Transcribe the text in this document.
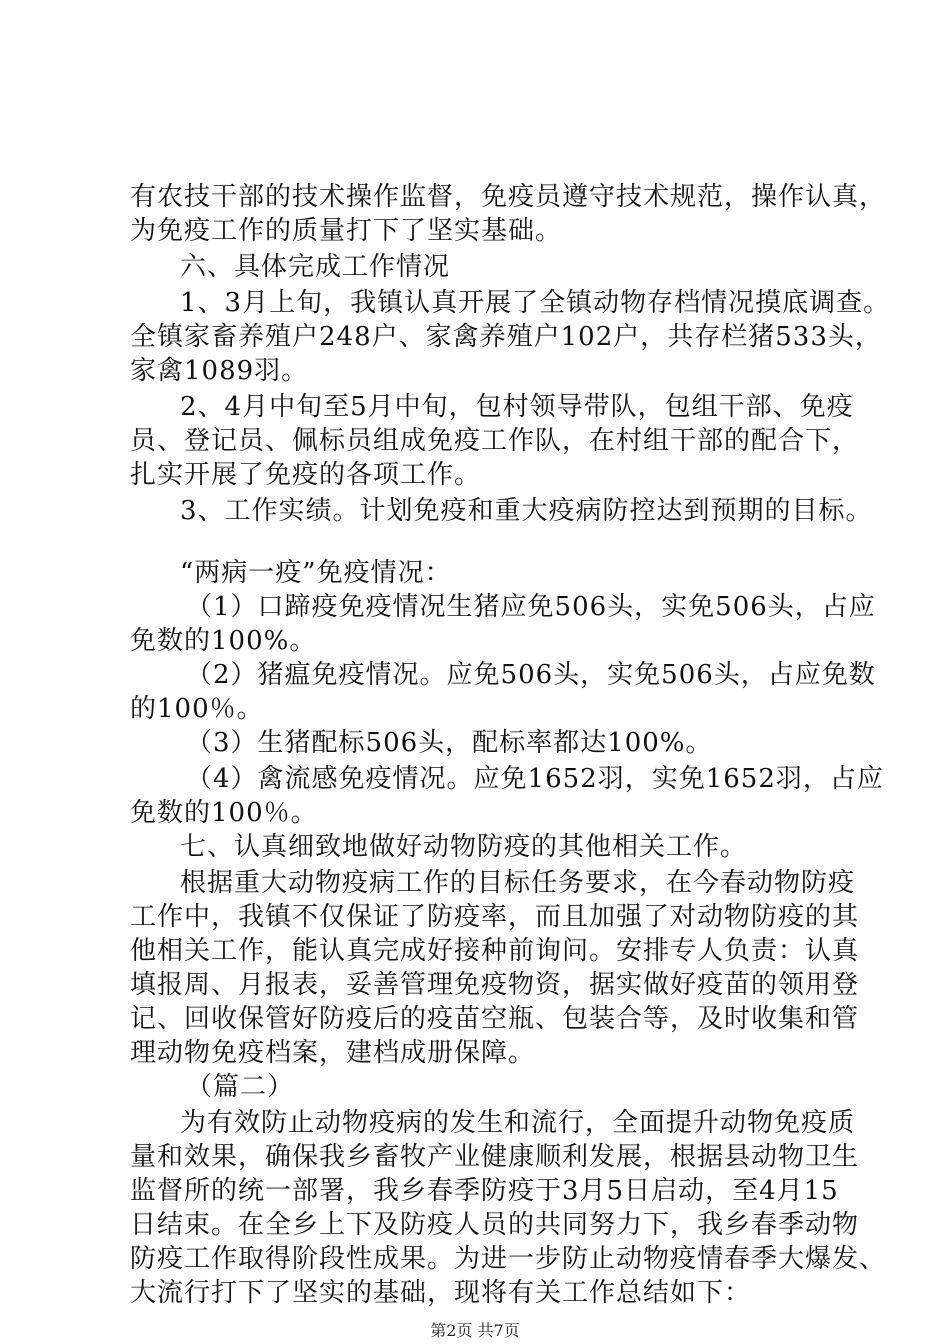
有农技干部的技术操作监督，免疫员遵守技术规范，操作认真，
为免疫工作的质量打下了坚实基础。
六、具体完成工作情况
1、3月上旬，我镇认真开展了全镇动物存档情况摸底调查。
全镇家畜养殖户248户、家禽养殖户102户，共存栏猪533头，
家禽1089羽。
2、4月中旬至5月中旬，包村领导带队，包组干部、免疫
员、登记员、佩标员组成免疫工作队，在村组干部的配合下，
扎实开展了免疫的各项工作。
3、工作实绩。计划免疫和重大疫病防控达到预期的目标。
“两病一疫”免疫情况：
（1）口蹄疫免疫情况生猪应免506头，实免506头，占应
免数的100%。
（2）猪瘟免疫情况。应免506头，实免506头，占应免数
的100％。
（3）生猪配标506头，配标率都达100%。
（4）禽流感免疫情况。应免1652羽，实免1652羽，占应
免数的100％。
七、认真细致地做好动物防疫的其他相关工作。
根据重大动物疫病工作的目标任务要求，在今春动物防疫
工作中，我镇不仅保证了防疫率，而且加强了对动物防疫的其
他相关工作，能认真完成好接种前询问。安排专人负责：认真
填报周、月报表，妥善管理免疫物资，据实做好疫苗的领用登
记、回收保管好防疫后的疫苗空瓶、包装合等，及时收集和管
理动物免疫档案，建档成册保障。
（篇二）
为有效防止动物疫病的发生和流行，全面提升动物免疫质
量和效果，确保我乡畜牧产业健康顺利发展，根据县动物卫生
监督所的统一部署，我乡春季防疫于3月5日启动，至4月15
日结束。在全乡上下及防疫人员的共同努力下，我乡春季动物
防疫工作取得阶段性成果。为进一步防止动物疫情春季大爆发、
大流行打下了坚实的基础，现将有关工作总结如下：
第2页 共7页
